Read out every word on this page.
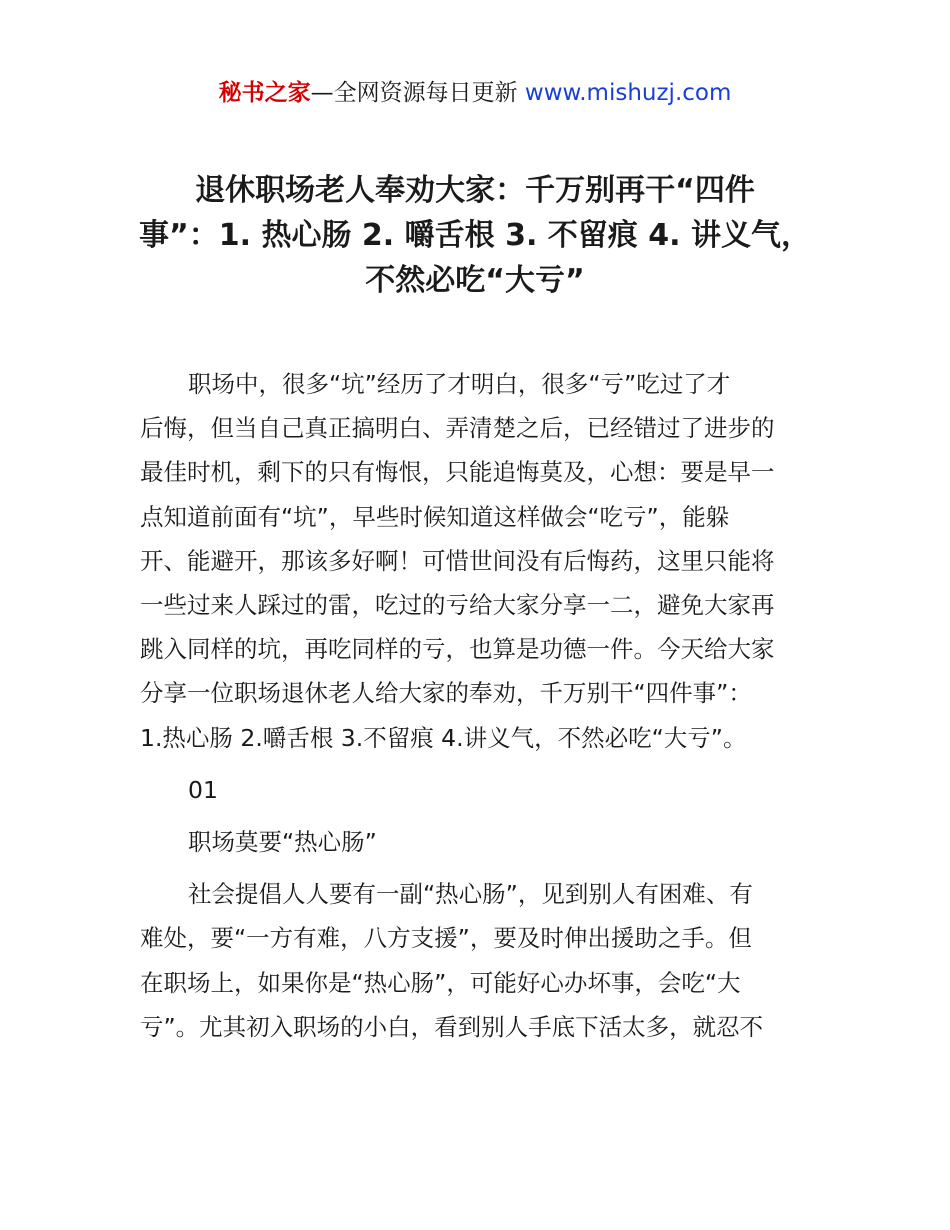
秘书之家—全网资源每日更新 www.mishuzj.com
退休职场老人奉劝大家：千万别再干“四件
事”：1. 热心肠 2. 嚼舌根 3. 不留痕 4. 讲义气，
不然必吃“大亏”

职场中，很多“坑”经历了才明白，很多“亏”吃过了才
后悔，但当自己真正搞明白、弄清楚之后，已经错过了进步的
最佳时机，剩下的只有悔恨，只能追悔莫及，心想：要是早一
点知道前面有“坑”，早些时候知道这样做会“吃亏”，能躲
开、能避开，那该多好啊！可惜世间没有后悔药，这里只能将
一些过来人踩过的雷，吃过的亏给大家分享一二，避免大家再
跳入同样的坑，再吃同样的亏，也算是功德一件。今天给大家
分享一位职场退休老人给大家的奉劝，千万别干“四件事”：
1.热心肠 2.嚼舌根 3.不留痕 4.讲义气，不然必吃“大亏”。

01

职场莫要“热心肠”

社会提倡人人要有一副“热心肠”，见到别人有困难、有
难处，要“一方有难，八方支援”，要及时伸出援助之手。但
在职场上，如果你是“热心肠”，可能好心办坏事，会吃“大
亏”。尤其初入职场的小白，看到别人手底下活太多，就忍不
